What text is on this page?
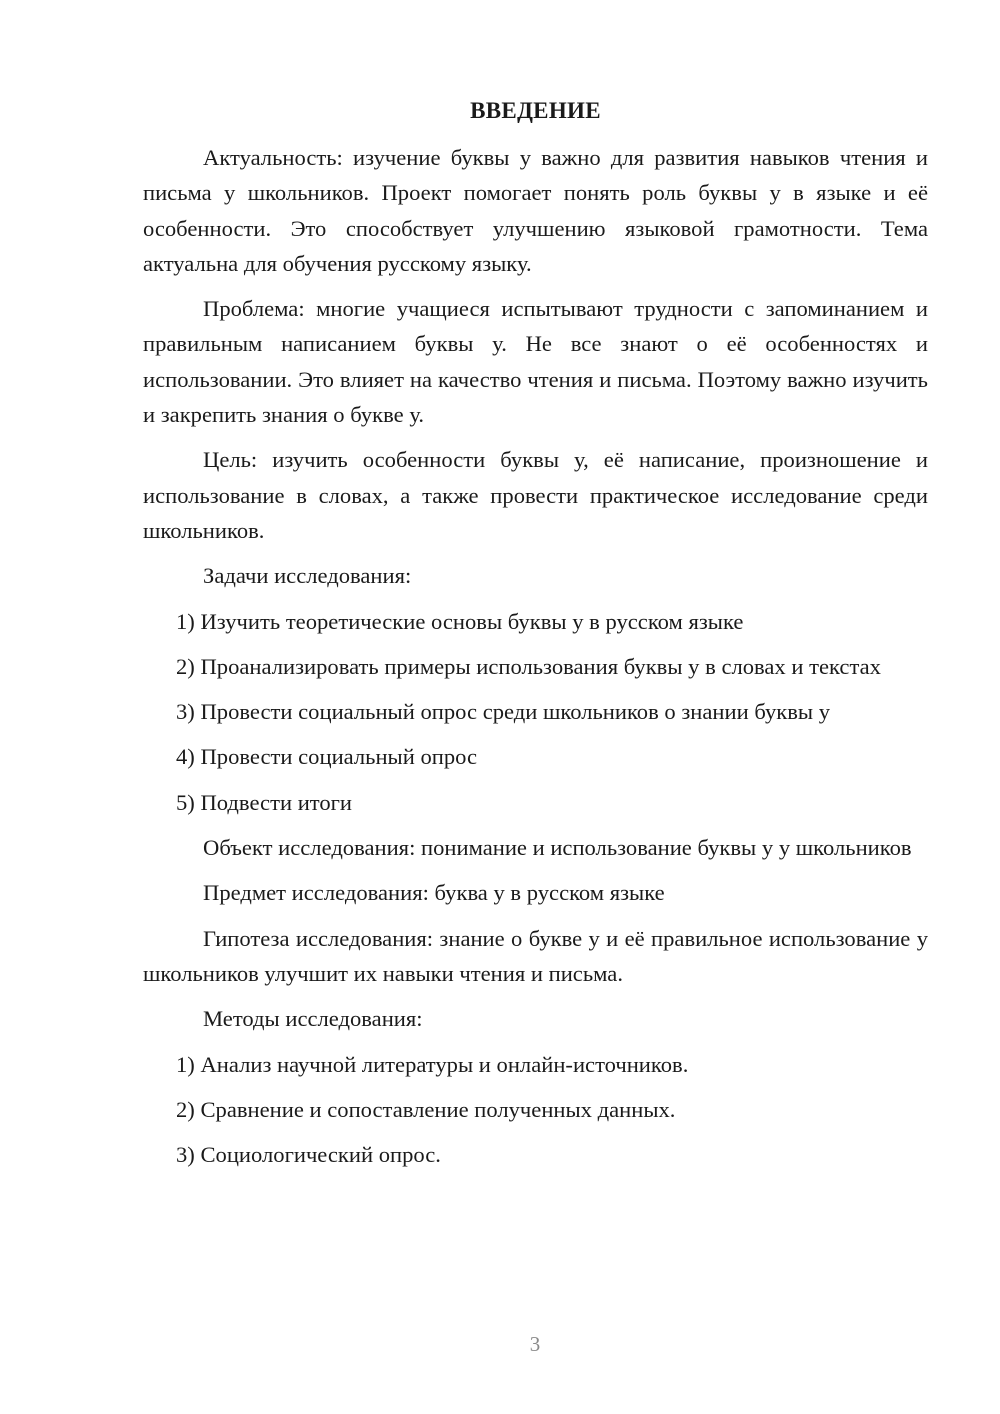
ВВЕДЕНИЕ

Актуальность: изучение буквы у важно для развития навыков чтения и письма у школьников. Проект помогает понять роль буквы у в языке и её особенности. Это способствует улучшению языковой грамотности. Тема актуальна для обучения русскому языку.

Проблема: многие учащиеся испытывают трудности с запоминанием и правильным написанием буквы у. Не все знают о её особенностях и использовании. Это влияет на качество чтения и письма. Поэтому важно изучить и закрепить знания о букве у.

Цель: изучить особенности буквы у, её написание, произношение и использование в словах, а также провести практическое исследование среди школьников.

Задачи исследования:

1) Изучить теоретические основы буквы у в русском языке

2) Проанализировать примеры использования буквы у в словах и текстах

3) Провести социальный опрос среди школьников о знании буквы у

4) Провести социальный опрос

5) Подвести итоги

Объект исследования: понимание и использование буквы у у школьников

Предмет исследования: буква у в русском языке

Гипотеза исследования: знание о букве у и её правильное использование у школьников улучшит их навыки чтения и письма.

Методы исследования:

1) Анализ научной литературы и онлайн-источников.

2) Сравнение и сопоставление полученных данных.

3) Социологический опрос.

3
